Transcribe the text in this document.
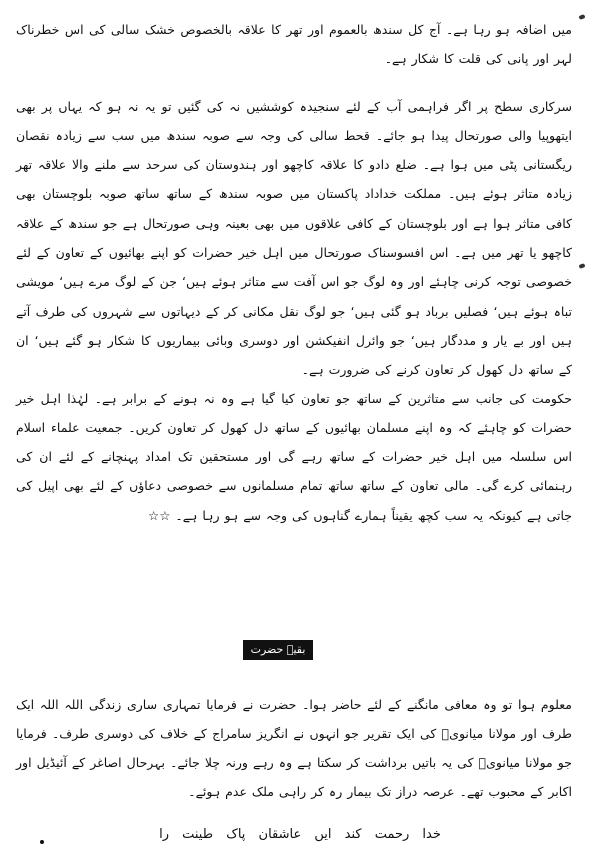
میں اضافہ ہو رہا ہے۔ آج کل سندھ بالعموم اور تھر کا علاقہ بالخصوص خشک سالی کی اس خطرناک لہر اور پانی کی قلت کا شکار ہے۔

سرکاری سطح پر اگر فراہمی آب کے لئے سنجیدہ کوششیں نہ کی گئیں تو یہ نہ ہو کہ یہاں پر بھی ایتھوپیا والی صورتحال پیدا ہو جائے۔ قحط سالی کی وجہ سے صوبہ سندھ میں سب سے زیادہ نقصان ریگستانی پٹی میں ہوا ہے۔ ضلع دادو کا علاقہ کاچھو اور ہندوستان کی سرحد سے ملنے والا علاقہ تھر زیادہ متاثر ہوئے ہیں۔ مملکت خداداد پاکستان میں صوبہ سندھ کے ساتھ ساتھ صوبہ بلوچستان بھی کافی متاثر ہوا ہے اور بلوچستان کے کافی علاقوں میں بھی بعینہ وہی صورتحال ہے جو سندھ کے علاقہ کاچھو یا تھر میں ہے۔ اس افسوسناک صورتحال میں اہل خیر حضرات کو اپنے بھائیوں کے تعاون کے لئے خصوصی توجہ کرنی چاہئے اور وہ لوگ جو اس آفت سے متاثر ہوئے ہیں‘ جن کے لوگ مرے ہیں‘ مویشی تباہ ہوئے ہیں‘ فصلیں برباد ہو گئی ہیں‘ جو لوگ نقل مکانی کر کے دیہاتوں سے شہروں کی طرف آتے ہیں اور بے یار و مددگار ہیں‘ جو وائرل انفیکشن اور دوسری وبائی بیماریوں کا شکار ہو گئے ہیں‘ ان کے ساتھ دل کھول کر تعاون کرنے کی ضرورت ہے۔

حکومت کی جانب سے متاثرین کے ساتھ جو تعاون کیا گیا ہے وہ نہ ہونے کے برابر ہے۔ لہٰذا اہل خیر حضرات کو چاہئے کہ وہ اپنے مسلمان بھائیوں کے ساتھ دل کھول کر تعاون کریں۔ جمعیت علماء اسلام اس سلسلہ میں اہل خیر حضرات کے ساتھ رہے گی اور مستحقین تک امداد پہنچانے کے لئے ان کی رہنمائی کرے گی۔ مالی تعاون کے ساتھ ساتھ تمام مسلمانوں سے خصوصی دعاؤں کے لئے بھی اپیل کی جاتی ہے کیونکہ یہ سب کچھ یقیناً ہمارے گناہوں کی وجہ سے ہو رہا ہے۔ ☆☆

بقیہ حضرت میانویؒ

معلوم ہوا تو وہ معافی مانگنے کے لئے حاضر ہوا۔ حضرت نے فرمایا تمہاری ساری زندگی اللہ اللہ ایک طرف اور مولانا میانویؒ کی ایک تقریر جو انہوں نے انگریز سامراج کے خلاف کی دوسری طرف۔ فرمایا جو مولانا میانویؒ کی یہ باتیں برداشت کر سکتا ہے وہ رہے ورنہ چلا جائے۔ بہرحال اصاغر کے آئیڈیل اور اکابر کے محبوب تھے۔ عرصہ دراز تک بیمار رہ کر راہی ملک عدم ہوئے۔

خدا رحمت کند ایں عاشقان پاک طینت را
